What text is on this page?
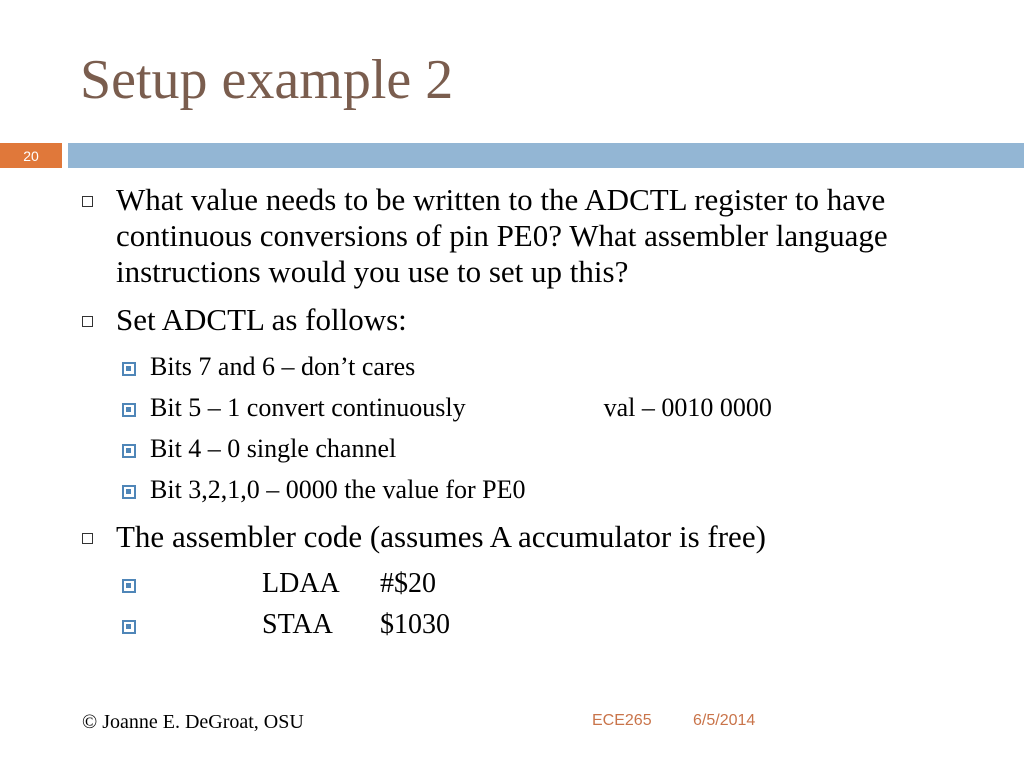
Setup example 2
20
What value needs to be written to the ADCTL register to have continuous conversions of pin PE0? What assembler language instructions would you use to set up this?
Set ADCTL as follows:
Bits 7 and 6 – don’t cares
Bit 5 – 1 convert continuously	val – 0010 0000
Bit 4 – 0 single channel
Bit 3,2,1,0 – 0000 the value for PE0
The assembler code (assumes A accumulator is free)
LDAA #$20
STAA $1030
© Joanne E. DeGroat, OSU	ECE265	6/5/2014
